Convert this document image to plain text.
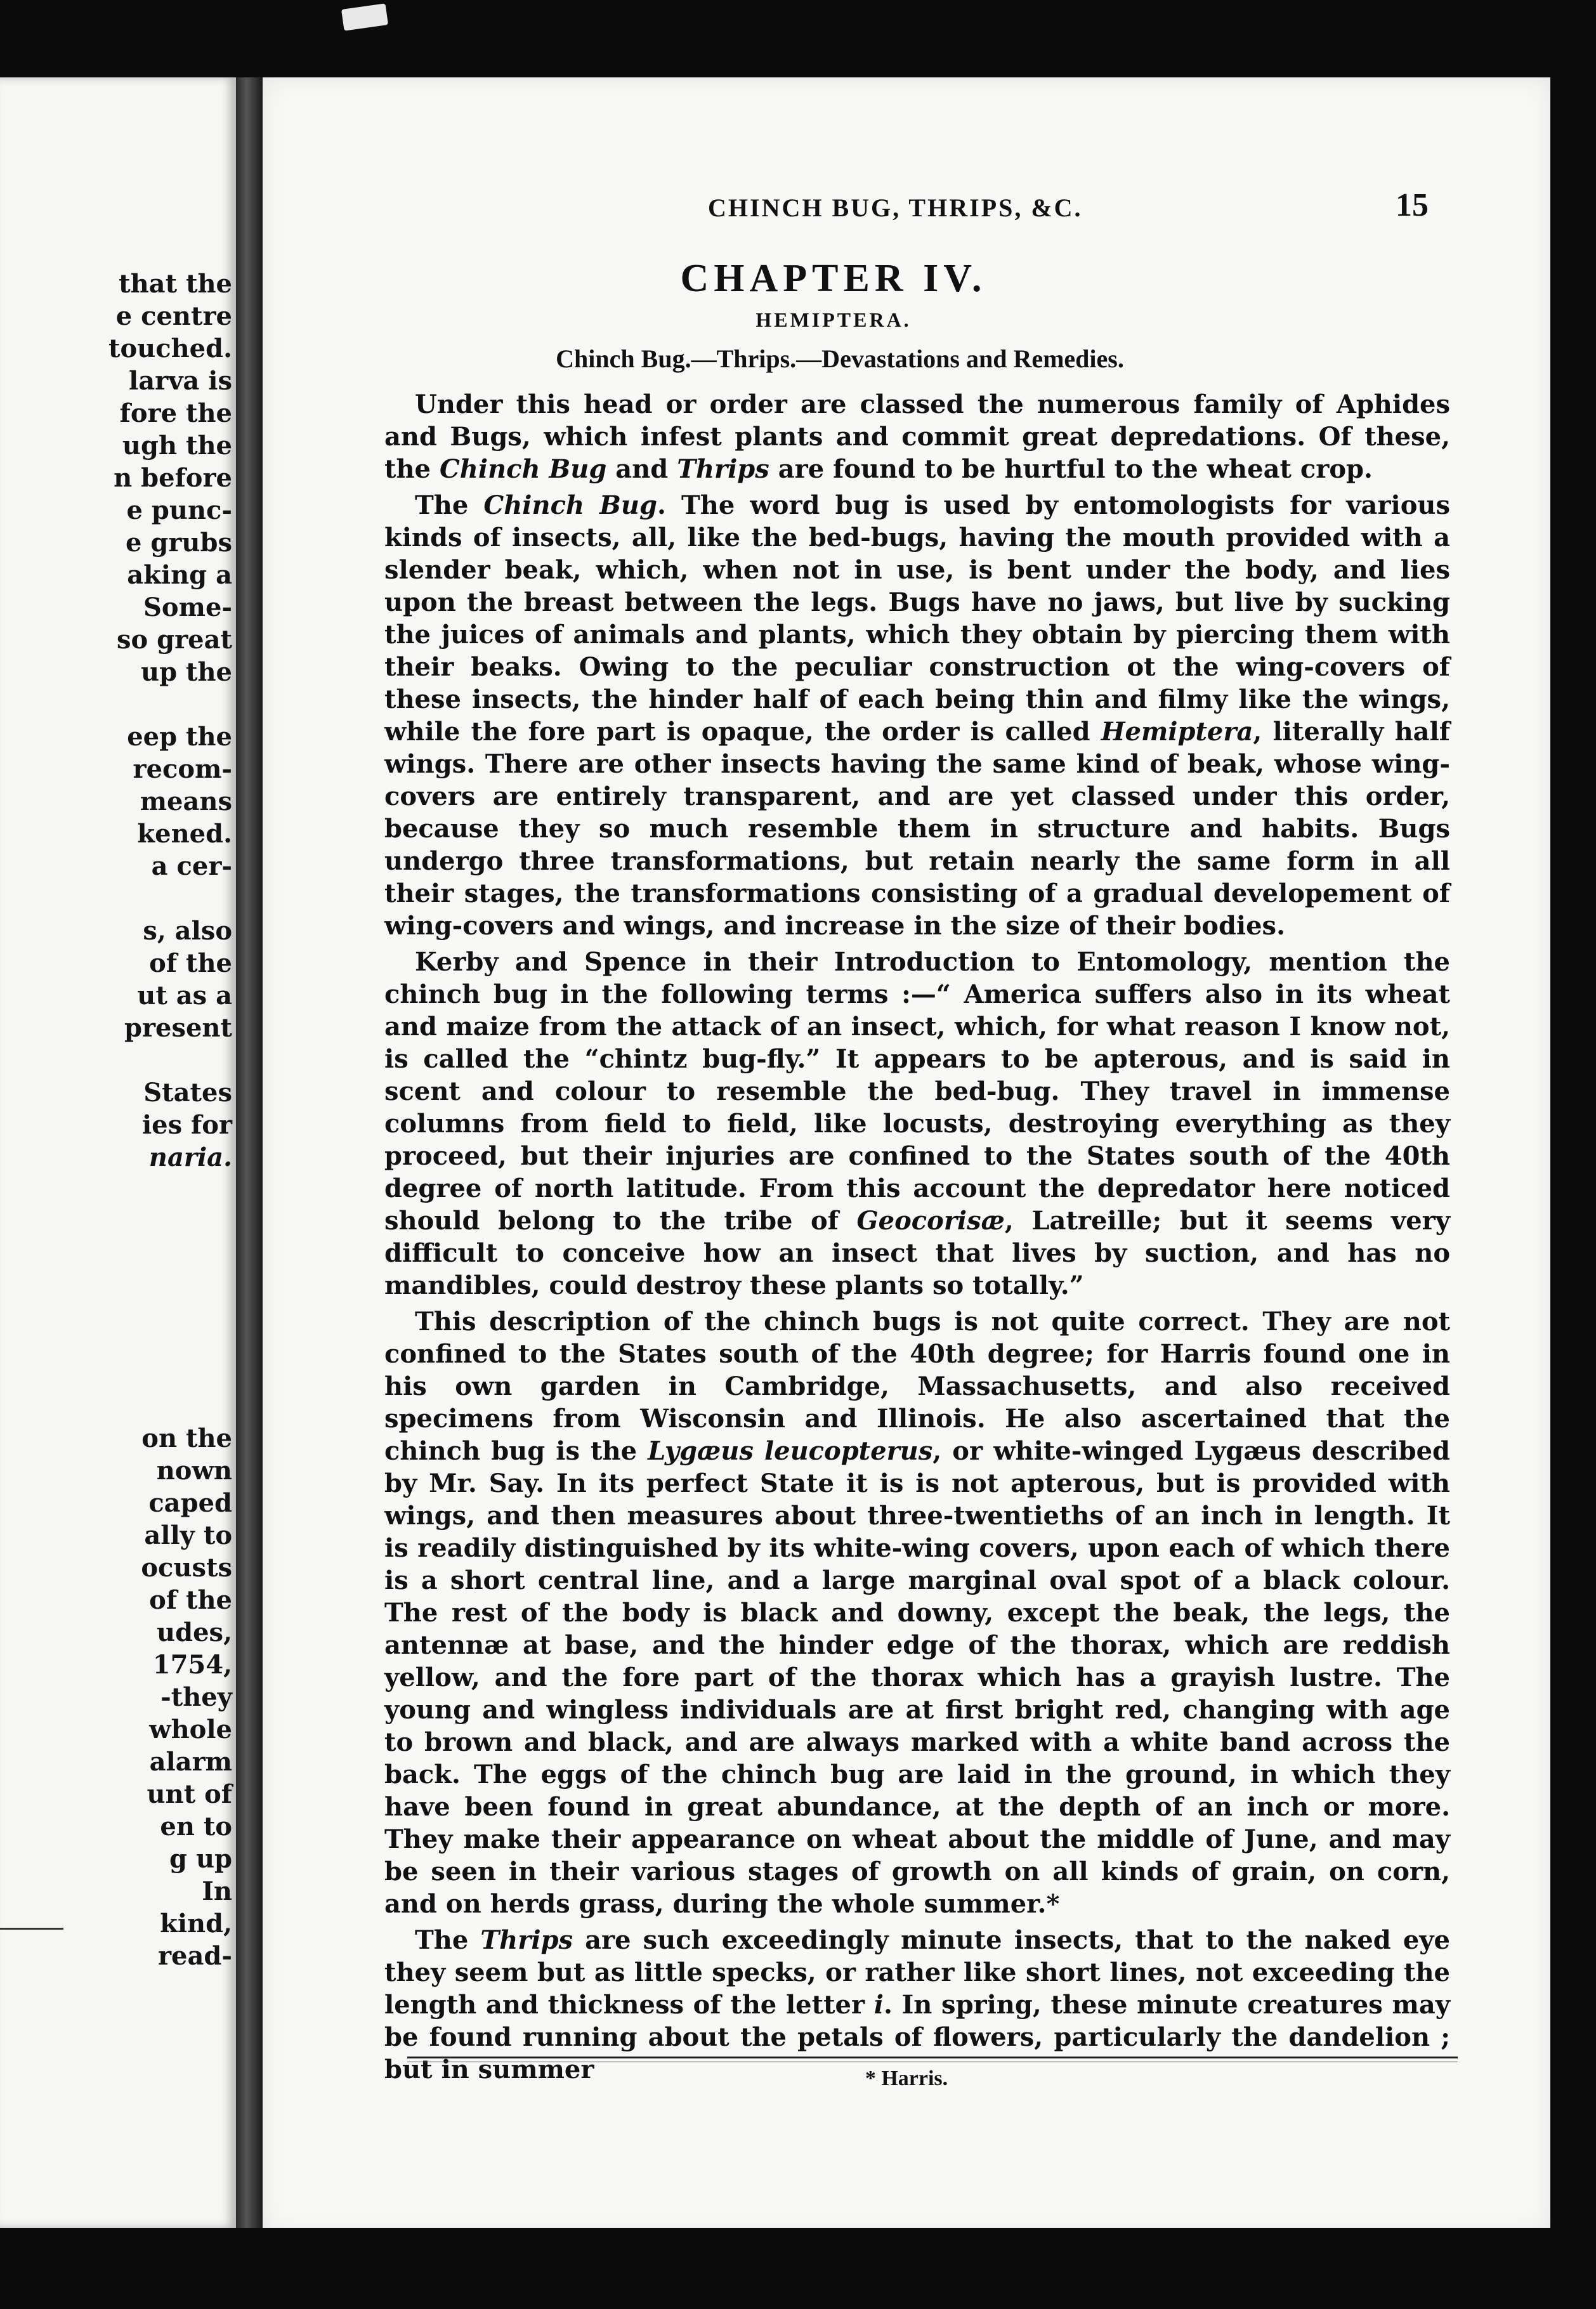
that the
e centre
touched.
larva is
fore the
ugh the
n before
e punc-
e grubs
aking a
Some-
so great
up the

eep the
recom-
means
kened.
a cer-

s, also
of the
ut as a
present

States
ies for
naria.
on the
nown
caped
ally to
ocusts
of the
udes,
1754,
-they
whole
alarm
unt of
en to
g up
In
kind,
read-
CHINCH BUG, THRIPS, &C.	15
CHAPTER IV.
HEMIPTERA.
Chinch Bug.—Thrips.—Devastations and Remedies.

Under this head or order are classed the numerous family of Aphides and Bugs, which infest plants and commit great depredations. Of these, the Chinch Bug and Thrips are found to be hurtful to the wheat crop.

The Chinch Bug. The word bug is used by entomologists for various kinds of insects, all, like the bed-bugs, having the mouth provided with a slender beak, which, when not in use, is bent under the body, and lies upon the breast between the legs. Bugs have no jaws, but live by sucking the juices of animals and plants, which they obtain by piercing them with their beaks. Owing to the peculiar construction ot the wing-covers of these insects, the hinder half of each being thin and filmy like the wings, while the fore part is opaque, the order is called Hemiptera, literally half wings. There are other insects having the same kind of beak, whose wing-covers are entirely transparent, and are yet classed under this order, because they so much resemble them in structure and habits. Bugs undergo three transformations, but retain nearly the same form in all their stages, the transformations consisting of a gradual developement of wing-covers and wings, and increase in the size of their bodies.

Kerby and Spence in their Introduction to Entomology, mention the chinch bug in the following terms :—“ America suffers also in its wheat and maize from the attack of an insect, which, for what reason I know not, is called the “chintz bug-fly.” It appears to be apterous, and is said in scent and colour to resemble the bed-bug. They travel in immense columns from field to field, like locusts, destroying everything as they proceed, but their injuries are confined to the States south of the 40th degree of north latitude. From this account the depredator here noticed should belong to the tribe of Geocorisæ, Latreille; but it seems very difficult to conceive how an insect that lives by suction, and has no mandibles, could destroy these plants so totally.”

This description of the chinch bugs is not quite correct. They are not confined to the States south of the 40th degree; for Harris found one in his own garden in Cambridge, Massachusetts, and also received specimens from Wisconsin and Illinois. He also ascertained that the chinch bug is the Lygæus leucopterus, or white-winged Lygæus described by Mr. Say. In its perfect State it is is not apterous, but is provided with wings, and then measures about three-twentieths of an inch in length. It is readily distinguished by its white-wing covers, upon each of which there is a short central line, and a large marginal oval spot of a black colour. The rest of the body is black and downy, except the beak, the legs, the antennæ at base, and the hinder edge of the thorax, which are reddish yellow, and the fore part of the thorax which has a grayish lustre. The young and wingless individuals are at first bright red, changing with age to brown and black, and are always marked with a white band across the back. The eggs of the chinch bug are laid in the ground, in which they have been found in great abundance, at the depth of an inch or more. They make their appearance on wheat about the middle of June, and may be seen in their various stages of growth on all kinds of grain, on corn, and on herds grass, during the whole summer.*

The Thrips are such exceedingly minute insects, that to the naked eye they seem but as little specks, or rather like short lines, not exceeding the length and thickness of the letter i. In spring, these minute creatures may be found running about the petals of flowers, particularly the dandelion ; but in summer	* Harris.
